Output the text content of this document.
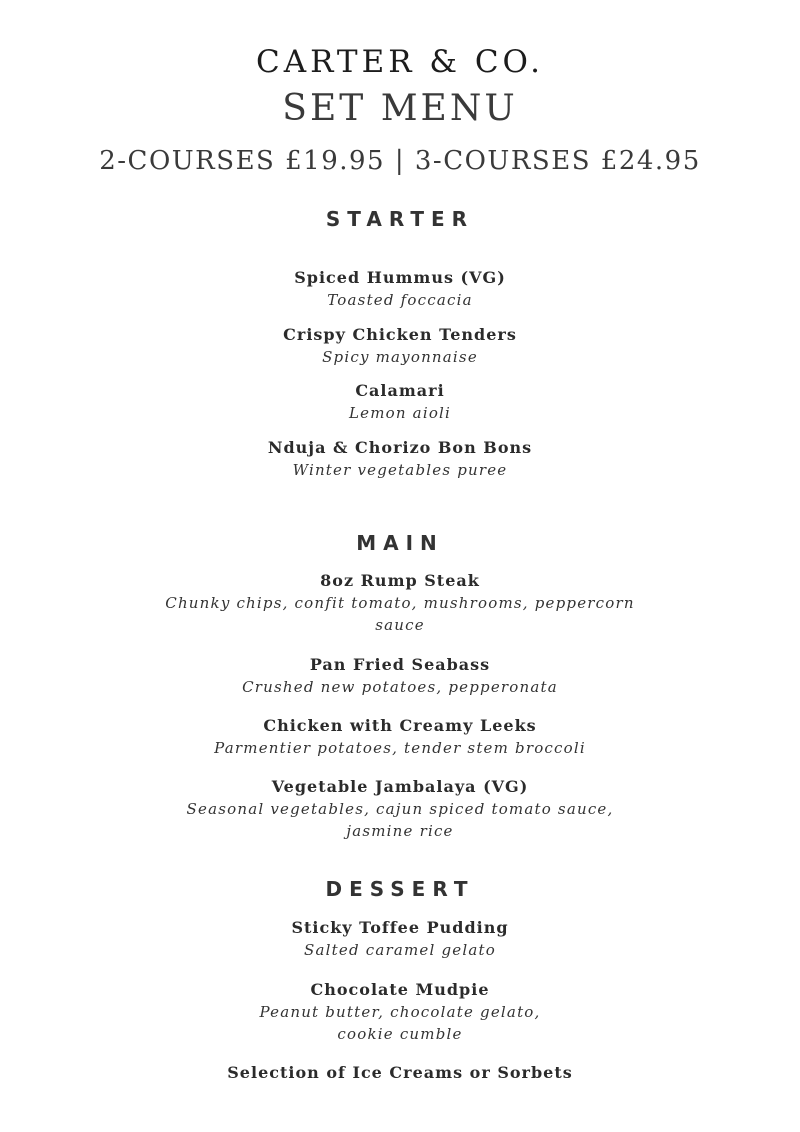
CARTER & CO.
SET MENU
2-COURSES £19.95 | 3-COURSES £24.95
STARTER
Spiced Hummus (VG)
Toasted foccacia
Crispy Chicken Tenders
Spicy mayonnaise
Calamari
Lemon aioli
Nduja & Chorizo Bon Bons
Winter vegetables puree
MAIN
8oz Rump Steak
Chunky chips, confit tomato, mushrooms, peppercorn sauce
Pan Fried Seabass
Crushed new potatoes, pepperonata
Chicken with Creamy Leeks
Parmentier potatoes, tender stem broccoli
Vegetable Jambalaya (VG)
Seasonal vegetables, cajun spiced tomato sauce, jasmine rice
DESSERT
Sticky Toffee Pudding
Salted caramel gelato
Chocolate Mudpie
Peanut butter, chocolate gelato, cookie cumble
Selection of Ice Creams or Sorbets
